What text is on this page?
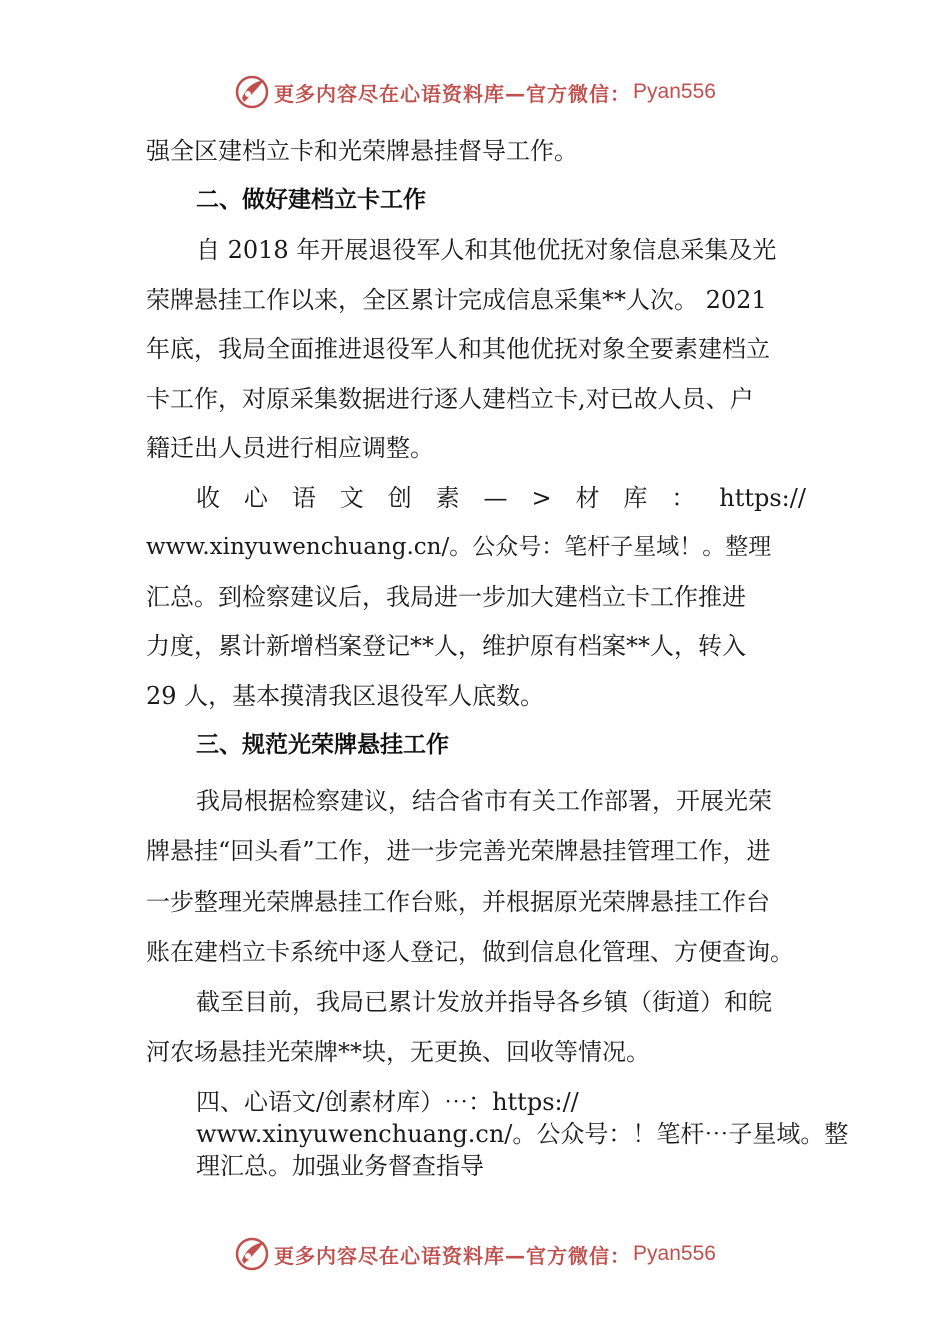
更多内容尽在心语资料库—官方微信： Pyan556
强全区建档立卡和光荣牌悬挂督导工作。
二、做好建档立卡工作
自 2018 年开展退役军人和其他优抚对象信息采集及光
荣牌悬挂工作以来，全区累计完成信息采集**人次。 2021
年底，我局全面推进退役军人和其他优抚对象全要素建档立
卡工作，对原采集数据进行逐人建档立卡,对已故人员、户
籍迁出人员进行相应调整。
收 心 语 文 创 素 — > 材 库 ： https://
www.xinyuwenchuang.cn/。公众号：笔杆子星域！。整理
汇总。到检察建议后，我局进一步加大建档立卡工作推进
力度，累计新增档案登记**人，维护原有档案**人，转入
29 人，基本摸清我区退役军人底数。
三、规范光荣牌悬挂工作
我局根据检察建议，结合省市有关工作部署，开展光荣
牌悬挂“回头看”工作，进一步完善光荣牌悬挂管理工作，进
一步整理光荣牌悬挂工作台账，并根据原光荣牌悬挂工作台
账在建档立卡系统中逐人登记，做到信息化管理、方便查询。
截至目前，我局已累计发放并指导各乡镇（街道）和皖
河农场悬挂光荣牌**块，无更换、回收等情况。
四、心语文/创素材库）⋯：https://
www.xinyuwenchuang.cn/。公众号：！笔杆⋯子星域。整
理汇总。加强业务督查指导
更多内容尽在心语资料库—官方微信： Pyan556
